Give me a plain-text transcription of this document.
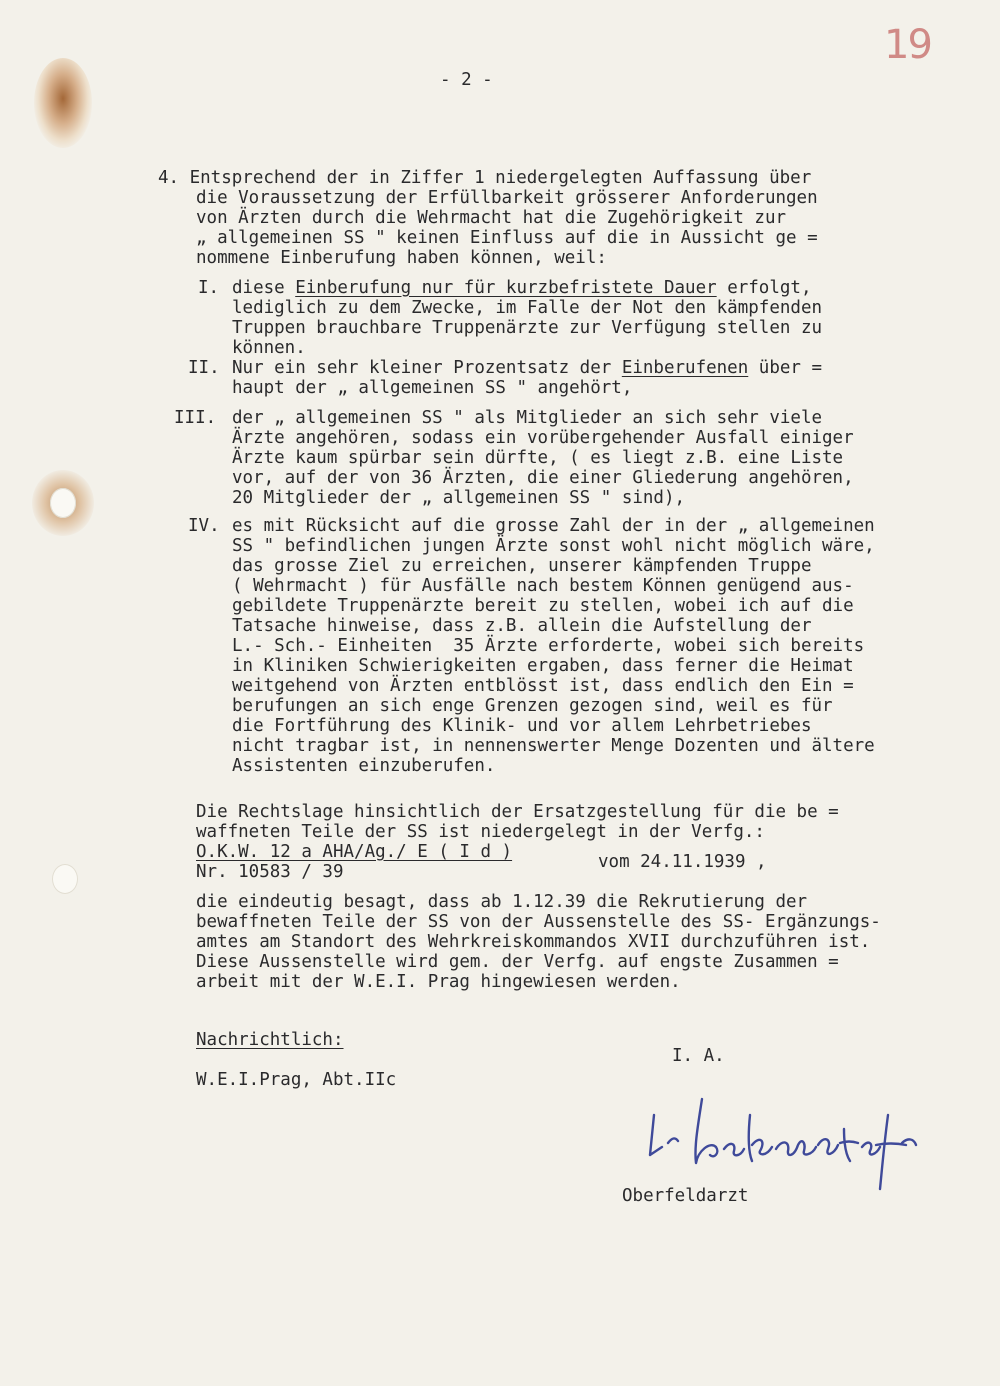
19
- 2 -
4. Entsprechend der in Ziffer 1 niedergelegten Auffassung über
die Voraussetzung der Erfüllbarkeit grösserer Anforderungen
von Ärzten durch die Wehrmacht hat die Zugehörigkeit zur
„ allgemeinen SS " keinen Einfluss auf die in Aussicht ge =
nommene Einberufung haben können, weil:
I. diese Einberufung nur für kurzbefristete Dauer erfolgt,
lediglich zu dem Zwecke, im Falle der Not den kämpfenden
Truppen brauchbare Truppenärzte zur Verfügung stellen zu
können.
II. Nur ein sehr kleiner Prozentsatz der Einberufenen über =
haupt der „ allgemeinen SS " angehört,
III. der „ allgemeinen SS " als Mitglieder an sich sehr viele
Ärzte angehören, sodass ein vorübergehender Ausfall einiger
Ärzte kaum spürbar sein dürfte, ( es liegt z.B. eine Liste
vor, auf der von 36 Ärzten, die einer Gliederung angehören,
20 Mitglieder der „ allgemeinen SS " sind),
IV. es mit Rücksicht auf die grosse Zahl der in der „ allgemeinen
SS " befindlichen jungen Ärzte sonst wohl nicht möglich wäre,
das grosse Ziel zu erreichen, unserer kämpfenden Truppe
( Wehrmacht ) für Ausfälle nach bestem Können genügend aus-
gebildete Truppenärzte bereit zu stellen, wobei ich auf die
Tatsache hinweise, dass z.B. allein die Aufstellung der
L.- Sch.- Einheiten  35 Ärzte erforderte, wobei sich bereits
in Kliniken Schwierigkeiten ergaben, dass ferner die Heimat
weitgehend von Ärzten entblösst ist, dass endlich den Ein =
berufungen an sich enge Grenzen gezogen sind, weil es für
die Fortführung des Klinik- und vor allem Lehrbetriebes
nicht tragbar ist, in nennenswerter Menge Dozenten und ältere
Assistenten einzuberufen.
Die Rechtslage hinsichtlich der Ersatzgestellung für die be =
waffneten Teile der SS ist niedergelegt in der Verfg.:
O.K.W. 12 a AHA/Ag./ E ( I d )
Nr. 10583 / 39	vom 24.11.1939 ,
die eindeutig besagt, dass ab 1.12.39 die Rekrutierung der
bewaffneten Teile der SS von der Aussenstelle des SS- Ergänzungs-
amtes am Standort des Wehrkreiskommandos XVII durchzuführen ist.
Diese Aussenstelle wird gem. der Verfg. auf engste Zusammen =
arbeit mit der W.E.I. Prag hingewiesen werden.
Nachrichtlich:
W.E.I.Prag, Abt.IIc
I. A.
Oberfeldarzt
